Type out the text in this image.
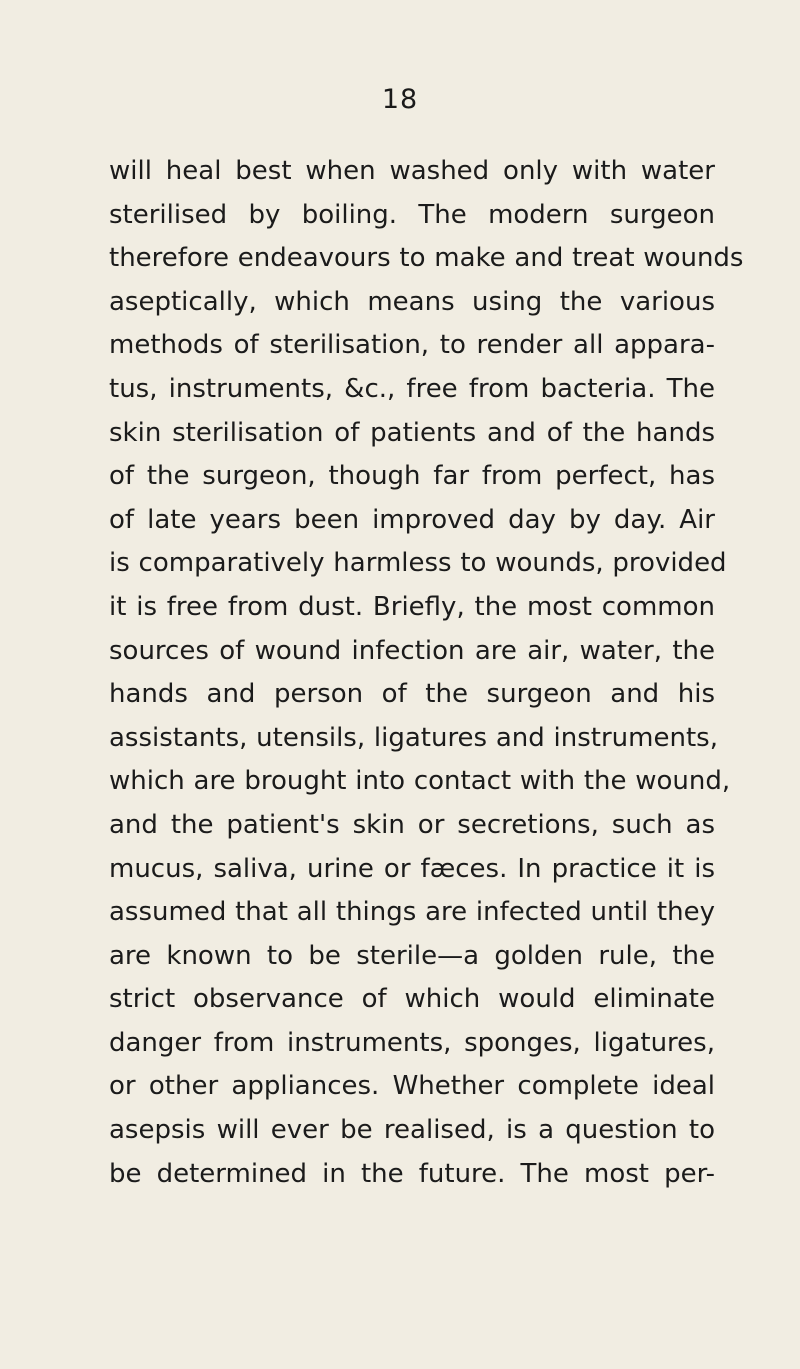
18
will heal best when washed only with water
sterilised by boiling. The modern surgeon
therefore endeavours to make and treat wounds
aseptically, which means using the various
methods of sterilisation, to render all appara-
tus, instruments, &c., free from bacteria. The
skin sterilisation of patients and of the hands
of the surgeon, though far from perfect, has
of late years been improved day by day. Air
is comparatively harmless to wounds, provided
it is free from dust. Briefly, the most common
sources of wound infection are air, water, the
hands and person of the surgeon and his
assistants, utensils, ligatures and instruments,
which are brought into contact with the wound,
and the patient's skin or secretions, such as
mucus, saliva, urine or fæces. In practice it is
assumed that all things are infected until they
are known to be sterile—a golden rule, the
strict observance of which would eliminate
danger from instruments, sponges, ligatures,
or other appliances. Whether complete ideal
asepsis will ever be realised, is a question to
be determined in the future. The most per-
